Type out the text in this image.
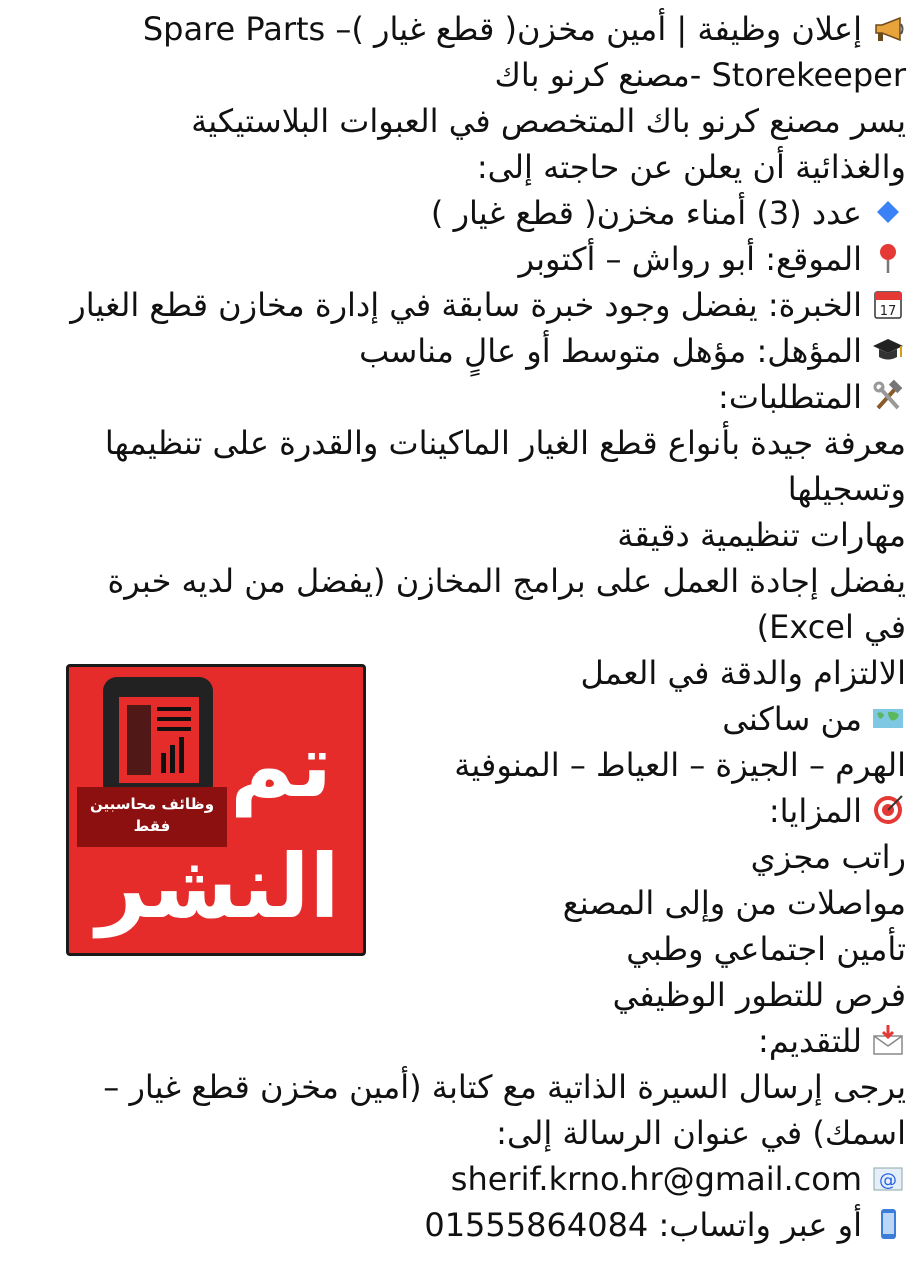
إعلان وظيفة | أمين مخزن( قطع غيار )– Spare Parts
Storekeeper -مصنع كرنو باك
يسر مصنع كرنو باك المتخصص في العبوات البلاستيكية
والغذائية أن يعلن عن حاجته إلى:
عدد (3) أمناء مخزن( قطع غيار )
الموقع: أبو رواش – أكتوبر
17
الخبرة: يفضل وجود خبرة سابقة في إدارة مخازن قطع الغيار
المؤهل: مؤهل متوسط أو عالٍ مناسب
المتطلبات:
معرفة جيدة بأنواع قطع الغيار الماكينات والقدرة على تنظيمها
وتسجيلها
مهارات تنظيمية دقيقة
يفضل إجادة العمل على برامج المخازن (يفضل من لديه خبرة
في Excel)
الالتزام والدقة في العمل
من ساكنى
الهرم – الجيزة – العياط – المنوفية
المزايا:
راتب مجزي
مواصلات من وإلى المصنع
تأمين اجتماعي وطبي
فرص للتطور الوظيفي
للتقديم:
يرجى إرسال السيرة الذاتية مع كتابة (أمين مخزن قطع غيار –
اسمك) في عنوان الرسالة إلى:
@
sherif.krno.hr@gmail.com
أو عبر واتساب: 01555864084
وظائف محاسبين
فقط
تم
النشر
